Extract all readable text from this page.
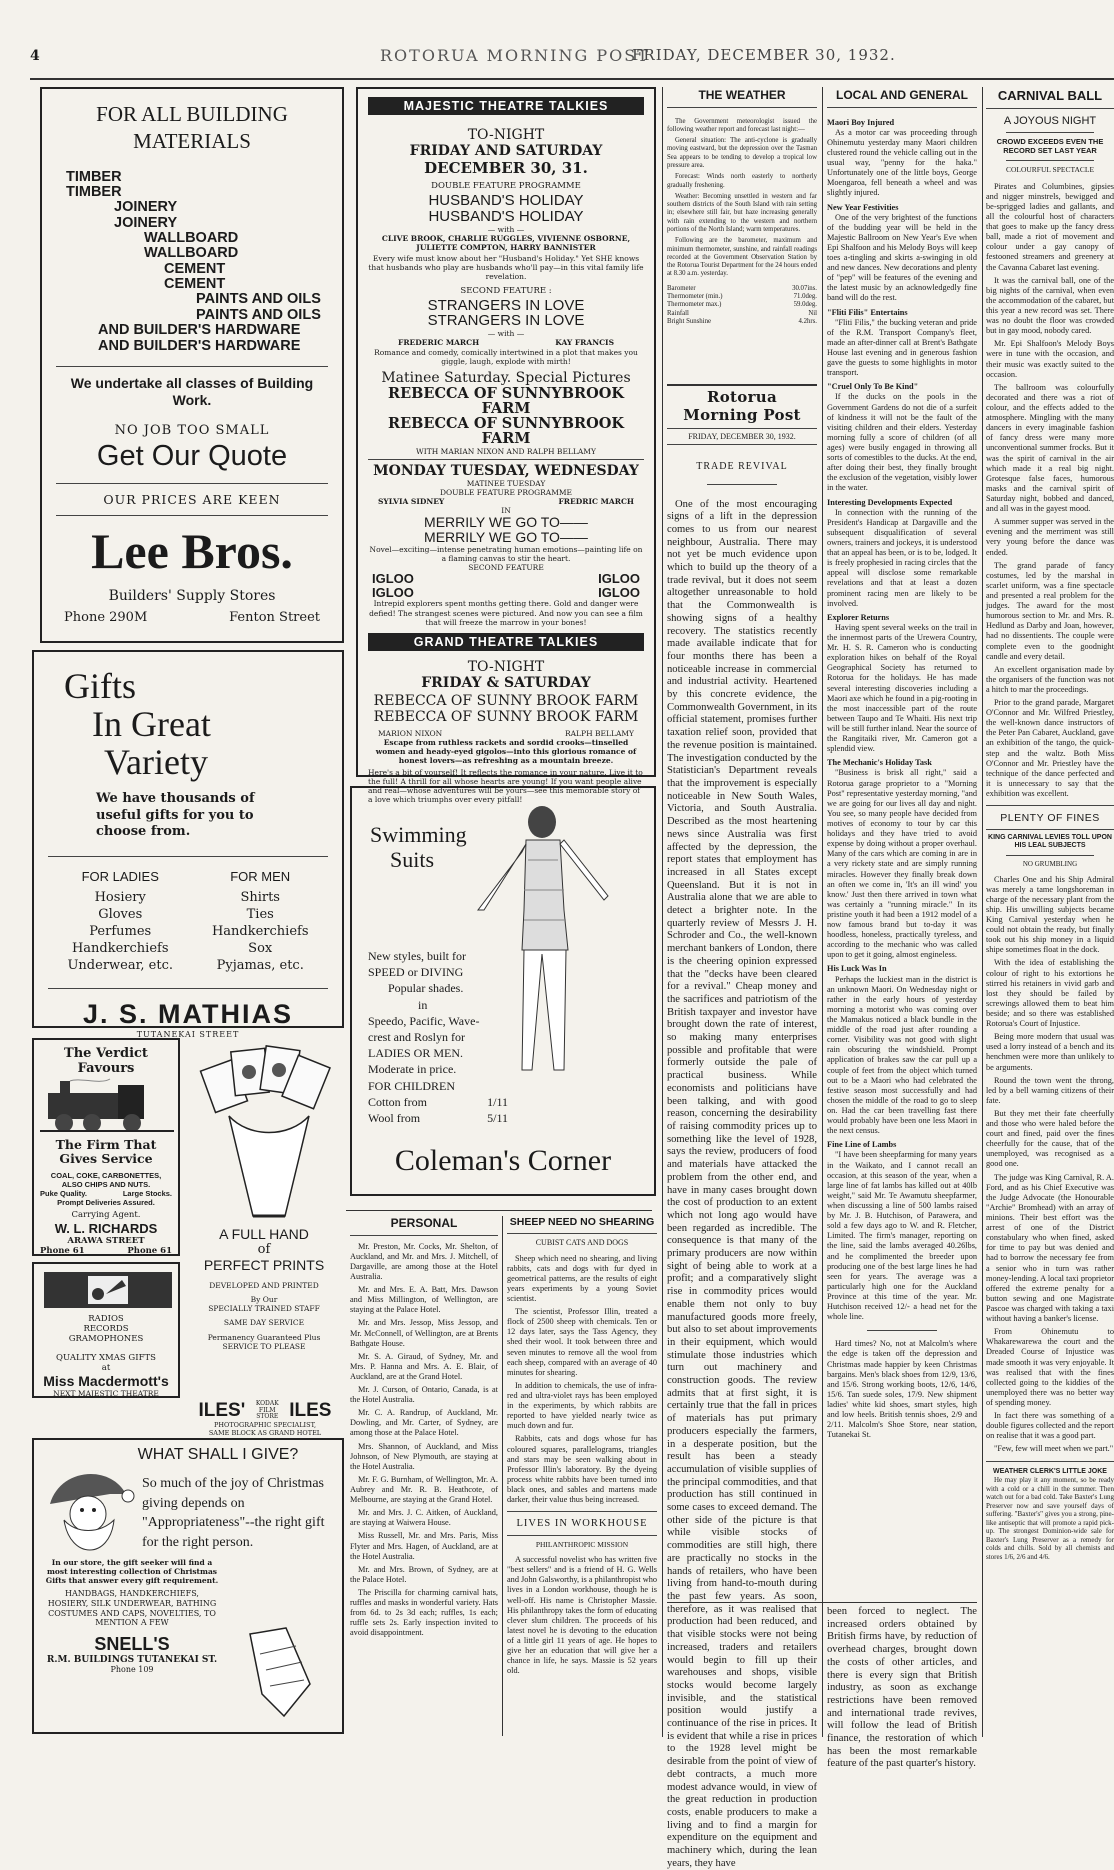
4	ROTORUA MORNING POST
FRIDAY, DECEMBER 30, 1932.
FOR ALL BUILDING MATERIALS
TIMBER
TIMBER
JOINERY
JOINERY
WALLBOARD
WALLBOARD
CEMENT
CEMENT
PAINTS AND OILS
PAINTS AND OILS
AND BUILDER'S HARDWARE
AND BUILDER'S HARDWARE
We undertake all classes of Building Work.
NO JOB TOO SMALL
Get Our Quote
OUR PRICES ARE KEEN
Lee Bros.
Builders' Supply Stores
Phone 290M	Fenton Street
Gifts
In Great
Variety
We have thousands of useful gifts for you to choose from.
FOR LADIES
Hosiery
Gloves
Perfumes
Handkerchiefs
Underwear, etc.
FOR MEN
Shirts
Ties
Handkerchiefs
Sox
Pyjamas, etc.
J. S. MATHIAS
TUTANEKAI STREET
The Verdict Favours
The Firm That Gives Service
COAL, COKE, CARBONETTES, ALSO CHIPS AND NUTS.
Puke Quality.	Large Stocks.
Prompt Deliveries Assured.
Carrying Agent.
W. L. RICHARDS
ARAWA STREET
Phone 61	Phone 61
RADIOS
RECORDS
GRAMOPHONES
QUALITY XMAS GIFTS
at
Miss Macdermott's
NEXT MAJESTIC THEATRE
A FULL HAND
of
PERFECT PRINTS
DEVELOPED AND PRINTED
By Our
SPECIALLY TRAINED STAFF
SAME DAY SERVICE
Permanency Guaranteed Plus
SERVICE TO PLEASE
ILES'	KODAK FILM STORE ILES
PHOTOGRAPHIC SPECIALIST,
SAME BLOCK AS GRAND HOTEL
WHAT SHALL I GIVE?
So much of the joy of Christmas giving depends on "Appropriateness"--the right gift for the right person.
In our store, the gift seeker will find a most interesting collection of Christmas Gifts that answer every gift requirement.
HANDBAGS, HANDKERCHIEFS, HOSIERY, SILK UNDERWEAR, BATHING COSTUMES AND CAPS, NOVELTIES, TO MENTION A FEW
SNELL'S
R.M. BUILDINGS TUTANEKAI ST.
Phone 109
MAJESTIC THEATRE TALKIES
TO-NIGHT
FRIDAY AND SATURDAY
DECEMBER 30, 31.
DOUBLE FEATURE PROGRAMME
HUSBAND'S HOLIDAY
HUSBAND'S HOLIDAY
— with —
CLIVE BROOK, CHARLIE RUGGLES, VIVIENNE OSBORNE, JULIETTE COMPTON, HARRY BANNISTER
Every wife must know about her "Husband's Holiday." Yet SHE knows that husbands who play are husbands who'll pay—in this vital family life revelation.
SECOND FEATURE :
STRANGERS IN LOVE
STRANGERS IN LOVE
— with —
FREDERIC MARCH	KAY FRANCIS
Romance and comedy, comically intertwined in a plot that makes you giggle, laugh, explode with mirth!
Matinee Saturday. Special Pictures
REBECCA OF SUNNYBROOK FARM
REBECCA OF SUNNYBROOK FARM
WITH MARIAN NIXON AND RALPH BELLAMY
MONDAY TUESDAY, WEDNESDAY
MATINEE TUESDAY
DOUBLE FEATURE PROGRAMME
SYLVIA SIDNEY	FREDRIC MARCH
IN
MERRILY WE GO TO——
MERRILY WE GO TO——
Novel—exciting—intense penetrating human emotions—painting life on a flaming canvas to stir the heart.
SECOND FEATURE
IGLOO	IGLOO
IGLOO	IGLOO
Intrepid explorers spent months getting there. Gold and danger were defied! The strangest scenes were pictured. And now you can see a film that will freeze the marrow in your bones!
GRAND THEATRE TALKIES
TO-NIGHT
FRIDAY & SATURDAY
REBECCA OF SUNNY BROOK FARM
REBECCA OF SUNNY BROOK FARM
MARION NIXON	RALPH BELLAMY
Escape from ruthless rackets and sordid crooks—tinselled women and heady-eyed gigolos—into this glorious romance of honest lovers—as refreshing as a mountain breeze.
Here's a bit of yourself! It reflects the romance in your nature. Live it to the full! A thrill for all whose hearts are young! If you want people alive and real—whose adventures will be yours—see this memorable story of a love which triumphs over every pitfall!
Swimming
Suits
New styles, built for
SPEED or DIVING
Popular shades.
in
Speedo, Pacific, Wave-
crest and Roslyn for
LADIES OR MEN.
Moderate in price.
FOR CHILDREN
Cotton from	1/11
Wool from	5/11
Coleman's Corner
PERSONAL

Mr. Preston, Mr. Cocks, Mr. Shelton, of Auckland, and Mr. and Mrs. J. Mitchell, of Dargaville, are among those at the Hotel Australia.

Mr. and Mrs. E. A. Batt, Mrs. Dawson and Miss Millington, of Wellington, are staying at the Palace Hotel.

Mr. and Mrs. Jessop, Miss Jessop, and Mr. McConnell, of Wellington, are at Brents Bathgate House.

Mr. S. A. Giraud, of Sydney, Mr. and Mrs. P. Hanna and Mrs. A. E. Blair, of Auckland, are at the Grand Hotel.

Mr. J. Curson, of Ontario, Canada, is at the Hotel Australia.

Mr. C. A. Randrup, of Auckland, Mr. Dowling, and Mr. Carter, of Sydney, are among those at the Palace Hotel.

Mrs. Shannon, of Auckland, and Miss Johnson, of New Plymouth, are staying at the Hotel Australia.

Mr. F. G. Burnham, of Wellington, Mr. A. Aubrey and Mr. R. B. Heathcote, of Melbourne, are staying at the Grand Hotel.

Mr. and Mrs. J. C. Aitken, of Auckland, are staying at Waiwera House.

Miss Russell, Mr. and Mrs. Paris, Miss Flyter and Mrs. Hagen, of Auckland, are at the Hotel Australia.

Mr. and Mrs. Brown, of Sydney, are at the Palace Hotel.

The Priscilla for charming carnival hats, ruffles and masks in wonderful variety. Hats from 6d. to 2s 3d each; ruffles, 1s each; ruffle sets 2s. Early inspection invited to avoid disappointment.

SHEEP NEED NO SHEARING
CUBIST CATS AND DOGS

Sheep which need no shearing, and living rabbits, cats and dogs with fur dyed in geometrical patterns, are the results of eight years experiments by a young Soviet scientist.

The scientist, Professor Illin, treated a flock of 2500 sheep with chemicals. Ten or 12 days later, says the Tass Agency, they shed their wool. It took between three and seven minutes to remove all the wool from each sheep, compared with an average of 40 minutes for shearing.

In addition to chemicals, the use of infra-red and ultra-violet rays has been employed in the experiments, by which rabbits are reported to have yielded nearly twice as much down and fur.

Rabbits, cats and dogs whose fur has coloured squares, parallelograms, triangles and stars may be seen walking about in Professor Illin's laboratory. By the dyeing process white rabbits have been turned into black ones, and sables and martens made darker, their value thus being increased.

LIVES IN WORKHOUSE
PHILANTHROPIC MISSION

A successful novelist who has written five "best sellers" and is a friend of H. G. Wells and John Galsworthy, is a philanthropist who lives in a London workhouse, though he is well-off. His name is Christopher Massie. His philanthropy takes the form of educating clever slum children. The proceeds of his latest novel he is devoting to the education of a little girl 11 years of age. He hopes to give her an education that will give her a chance in life, he says. Massie is 52 years old.

THE WEATHER

The Government meteorologist issued the following weather report and forecast last night:—

General situation: The anti-cyclone is gradually moving eastward, but the depression over the Tasman Sea appears to be tending to develop a tropical low pressure area.

Forecast: Winds north easterly to northerly gradually freshening.

Weather: Becoming unsettled in western and far southern districts of the South Island with rain setting in; elsewhere still fair, but haze increasing generally with rain extending to the western and northern portions of the North Island; warm temperatures.

Following are the barometer, maximum and minimum thermometer, sunshine, and rainfall readings recorded at the Government Observation Station by the Rotorua Tourist Department for the 24 hours ended at 8.30 a.m. yesterday.

Barometer	30.07ins.
Thermometer (min.)	71.0deg.
Thermometer max.)	59.0deg.
Rainfall	Nil
Bright Sunshine	4.2hrs.
Rotorua Morning Post
FRIDAY, DECEMBER 30, 1932.
TRADE REVIVAL

One of the most encouraging signs of a lift in the depression comes to us from our nearest neighbour, Australia. There may not yet be much evidence upon which to build up the theory of a trade revival, but it does not seem altogether unreasonable to hold that the Commonwealth is showing signs of a healthy recovery. The statistics recently made available indicate that for four months there has been a noticeable increase in commercial and industrial activity. Heartened by this concrete evidence, the Commonwealth Government, in its official statement, promises further taxation relief soon, provided that the revenue position is maintained. The investigation conducted by the Statistician's Department reveals that the improvement is especially noticeable in New South Wales, Victoria, and South Australia. Described as the most heartening news since Australia was first affected by the depression, the report states that employment has increased in all States except Queensland. But it is not in Australia alone that we are able to detect a brighter note. In the quarterly review of Messrs J. H. Schroder and Co., the well-known merchant bankers of London, there is the cheering opinion expressed that the "decks have been cleared for a revival." Cheap money and the sacrifices and patriotism of the British taxpayer and investor have brought down the rate of interest, so making many enterprises possible and profitable that were formerly outside the pale of practical business. While economists and politicians have been talking, and with good reason, concerning the desirability of raising commodity prices up to something like the level of 1928, says the review, producers of food and materials have attacked the problem from the other end, and have in many cases brought down the cost of production to an extent which not long ago would have been regarded as incredible. The consequence is that many of the primary producers are now within sight of being able to work at a profit; and a comparatively slight rise in commodity prices would enable them not only to buy manufactured goods more freely, but also to set about improvements in their equipment, which would stimulate those industries which turn out machinery and construction goods. The review admits that at first sight, it is certainly true that the fall in prices of materials has put primary producers especially the farmers, in a desperate position, but the result has been a steady accumulation of visible supplies of the principal commodities, and that production has still continued in some cases to exceed demand. The other side of the picture is that while visible stocks of commodities are still high, there are practically no stocks in the hands of retailers, who have been living from hand-to-mouth during the past few years. As soon, therefore, as it was realised that production had been reduced, and that visible stocks were not being increased, traders and retailers would begin to fill up their warehouses and shops, visible stocks would become largely invisible, and the statistical position would justify a continuance of the rise in prices. It is evident that while a rise in prices to the 1928 level might be desirable from the point of view of debt contracts, a much more modest advance would, in view of the great reduction in production costs, enable producers to make a living and to find a margin for expenditure on the equipment and machinery which, during the lean years, they have

LOCAL AND GENERAL
Maori Boy Injured

As a motor car was proceeding through Ohinemutu yesterday many Maori children clustered round the vehicle calling out in the usual way, "penny for the haka." Unfortunately one of the little boys, George Moengaroa, fell beneath a wheel and was slightly injured.

New Year Festivities

One of the very brightest of the functions of the budding year will be held in the Majestic Ballroom on New Year's Eve when Epi Shalfoon and his Melody Boys will keep toes a-tingling and skirts a-swinging in old and new dances. New decorations and plenty of "pep" will be features of the evening and the latest music by an acknowledgedly fine band will do the rest.

"Fliti Filis" Entertains

"Fliti Filis," the bucking veteran and pride of the R.M. Transport Company's fleet, made an after-dinner call at Brent's Bathgate House last evening and in generous fashion gave the guests to some highlights in motor transport.

"Cruel Only To Be Kind"

If the ducks on the pools in the Government Gardens do not die of a surfeit of kindness it will not be the fault of the visiting children and their elders. Yesterday morning fully a score of children (of all ages) were busily engaged in throwing all sorts of comestibles to the ducks. At the end, after doing their best, they finally brought the exclusion of the vegetation, visibly lower in the water.

Interesting Developments Expected

In connection with the running of the President's Handicap at Dargaville and the subsequent disqualification of several owners, trainers and jockeys, it is understood that an appeal has been, or is to be, lodged. It is freely prophesied in racing circles that the appeal will disclose some remarkable revelations and that at least a dozen prominent racing men are likely to be involved.

Explorer Returns

Having spent several weeks on the trail in the innermost parts of the Urewera Country, Mr. H. S. R. Cameron who is conducting exploration hikes on behalf of the Royal Geographical Society has returned to Rotorua for the holidays. He has made several interesting discoveries including a Maori axe which he found in a pig-rooting in the most inaccessible part of the route between Taupo and Te Whaiti. His next trip will be still further inland. Near the source of the Rangitaiki river, Mr. Cameron got a splendid view.

The Mechanic's Holiday Task

"Business is brisk all right," said a Rotorua garage proprietor to a "Morning Post" representative yesterday morning, "and we are going for our lives all day and night. You see, so many people have decided from motives of economy to tour by car this holidays and they have tried to avoid expense by doing without a proper overhaul. Many of the cars which are coming in are in a very rickety state and are simply running miracles. However they finally break down an often we come in, 'It's an ill wind' you know.' Just then there arrived in town what was certainly a "running miracle." In its pristine youth it had been a 1912 model of a now famous brand but to-day it was hoodless, honeless, practically tyreless, and according to the mechanic who was called upon to get it going, almost engineless.

His Luck Was In

Perhaps the luckiest man in the district is an unknown Maori. On Wednesday night or rather in the early hours of yesterday morning a motorist who was coming over the Mamakus noticed a black bundle in the middle of the road just after rounding a corner. Visibility was not good with slight rain obscuring the windshield. Prompt application of brakes saw the car pull up a couple of feet from the object which turned out to be a Maori who had celebrated the festive season most successfully and had chosen the middle of the road to go to sleep on. Had the car been travelling fast there would probably have been one less Maori in the next census.

Fine Line of Lambs

"I have been sheepfarming for many years in the Waikato, and I cannot recall an occasion, at this season of the year, when a large line of fat lambs has killed out at 40lb weight," said Mr. Te Awamutu sheepfarmer, when discussing a line of 500 lambs raised by Mr. J. B. Hutchison, of Parawera, and sold a few days ago to W. and R. Fletcher, Limited. The firm's manager, reporting on the line, said the lambs averaged 40.26lbs, and he complimented the breeder upon producing one of the best large lines he had seen for years. The average was a particularly high one for the Auckland Province at this time of the year. Mr. Hutchison received 12/- a head net for the whole line.

Hard times? No, not at Malcolm's where the edge is taken off the depression and Christmas made happier by keen Christmas bargains. Men's black shoes from 12/9, 13/6, and 15/6. Strong working boots, 12/6, 14/6, 15/6. Tan suede soles, 17/9. New shipment ladies' white kid shoes, smart styles, high and low heels. British tennis shoes, 2/9 and 2/11. Malcolm's Shoe Store, near station, Tutanekai St.

been forced to neglect. The increased orders obtained by British firms have, by reduction of overhead charges, brought down the costs of other articles, and there is every sign that British industry, as soon as exchange restrictions have been removed and international trade revives, will follow the lead of British finance, the restoration of which has been the most remarkable feature of the past quarter's history.

CARNIVAL BALL
A JOYOUS NIGHT
CROWD EXCEEDS EVEN THE RECORD SET LAST YEAR
COLOURFUL SPECTACLE

Pirates and Columbines, gipsies and nigger minstrels, bewigged and be-sprigged ladies and gallants, and all the colourful host of characters that goes to make up the fancy dress ball, made a riot of movement and colour under a gay canopy of festooned streamers and greenery at the Cavanna Cabaret last evening.

It was the carnival ball, one of the big nights of the carnival, when even the accommodation of the cabaret, but this year a new record was set. There was no doubt the floor was crowded but in gay mood, nobody cared.

Mr. Epi Shalfoon's Melody Boys were in tune with the occasion, and their music was exactly suited to the occasion.

The ballroom was colourfully decorated and there was a riot of colour, and the effects added to the atmosphere. Mingling with the many dancers in every imaginable fashion of fancy dress were many more unconventional summer frocks. But it was the spirit of carnival in the air which made it a real big night. Grotesque false faces, humorous masks and the carnival spirit of Saturday night, bobbed and danced, and all was in the gayest mood.

A summer supper was served in the evening and the merriment was still very young before the dance was ended.

The grand parade of fancy costumes, led by the marshal in scarlet uniform, was a fine spectacle and presented a real problem for the judges. The award for the most humorous section to Mr. and Mrs. R. Hedlund as Darby and Joan, however, had no dissentients. The couple were complete even to the goodnight candle and every detail.

An excellent organisation made by the organisers of the function was not a hitch to mar the proceedings.

Prior to the grand parade, Margaret O'Connor and Mr. Wilfred Priestley, the well-known dance instructors of the Peter Pan Cabaret, Auckland, gave an exhibition of the tango, the quick-step and the waltz. Both Miss O'Connor and Mr. Priestley have the technique of the dance perfected and it is unnecessary to say that the exhibition was excellent.

PLENTY OF FINES
KING CARNIVAL LEVIES TOLL UPON HIS LEAL SUBJECTS
NO GRUMBLING

Charles One and his Ship Admiral was merely a tame longshoreman in charge of the necessary plant from the ship. His unwilling subjects became King Carnival yesterday when he could not obtain the ready, but finally took out his ship money in a liquid shipe sometimes float in the dock.

With the idea of establishing the colour of right to his extortions he stirred his retainers in vivid garb and lost they should be failed by screwings allowed them to beat him beside; and so there was established Rotorua's Court of Injustice.

Being more modern that usual was used a lorry instead of a bench and its henchmen were more than unlikely to be arguments.

Round the town went the throng, led by a bell warning citizens of their fate.

But they met their fate cheerfully and those who were haled before the court and fined, paid over the fines cheerfully for the cause, that of the unemployed, was recognised as a good one.

The judge was King Carnival, R. A. Ford, and as his Chief Executive was the Judge Advocate (the Honourable "Archie" Bromhead) with an array of minions. Their best effort was the arrest of one of the District constabulary who when fined, asked for time to pay but was denied and had to borrow the necessary fee from a senior who in turn was rather money-lending. A local taxi proprietor offered the extreme penalty for a button sewing and one Magistrate Pascoe was charged with taking a taxi without having a banker's license.

From Ohinemutu to Whakarewarewa the court and the Dreaded Course of Injustice was made smooth it was very enjoyable. It was realised that with the fines collected going to the kiddies of the unemployed there was no better way of spending money.

In fact there was something of a double figures collected and the report on realise that it was a good part.

"Few, few will meet when we part."

WEATHER CLERK'S LITTLE JOKE

He may play it any moment, so be ready with a cold or a chill in the summer. Then watch out for a bad cold. Take Baxter's Lung Preserver now and save yourself days of suffering. "Baxter's" gives you a strong, pine-like antiseptic that will promote a rapid pick-up. The strongest Dominion-wide sale for Baxter's Lung Preserver as a remedy for colds and chills. Sold by all chemists and stores 1/6, 2/6 and 4/6.
